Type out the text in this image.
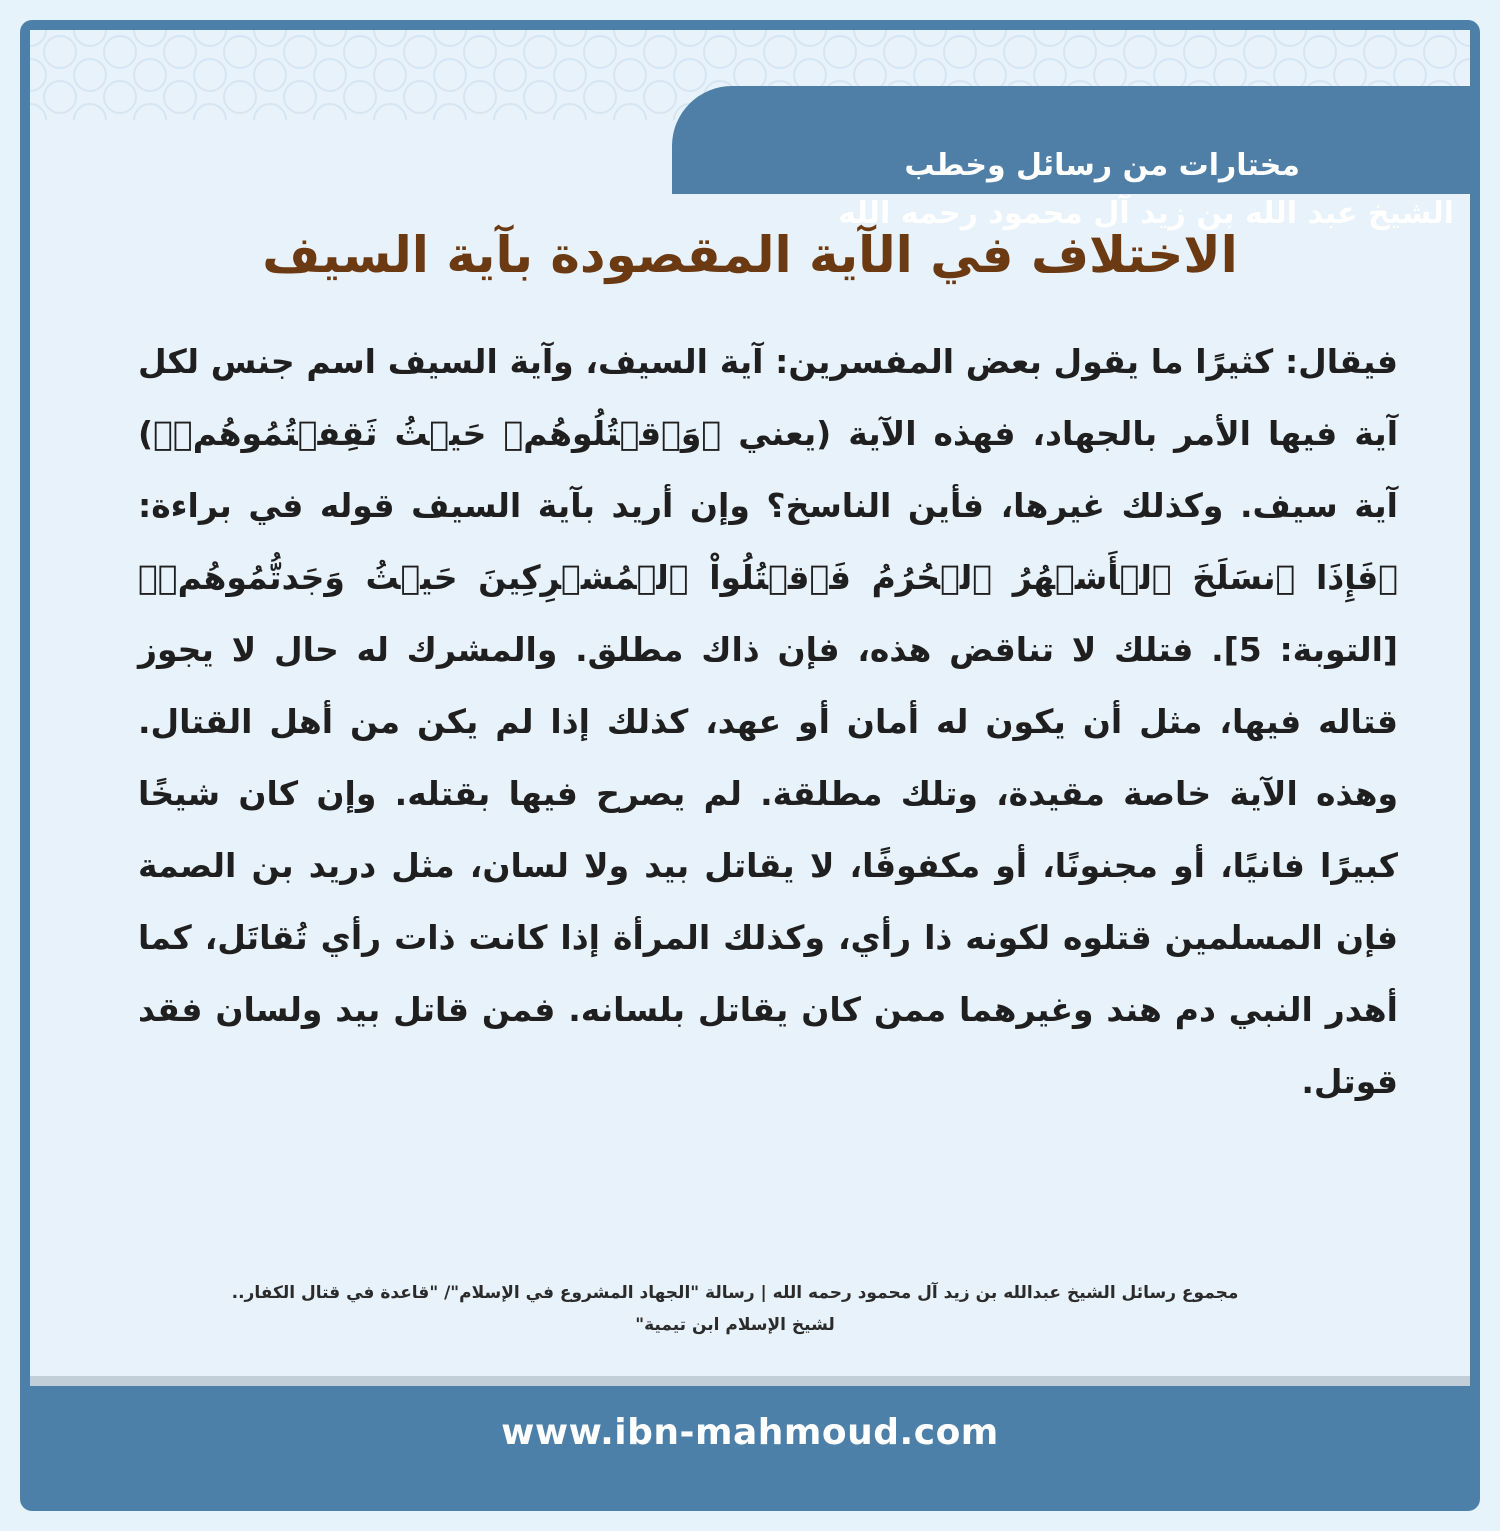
مختارات من رسائل وخطب
الشيخ عبد الله بن زيد آل محمود رحمه الله
الاختلاف في الآية المقصودة بآية السيف
فيقال: كثيرًا ما يقول بعض المفسرين: آية السيف، وآية السيف اسم جنس لكل آية فيها الأمر بالجهاد، فهذه الآية (يعني ﴿وَٱقۡتُلُوهُمۡ حَيۡثُ ثَقِفۡتُمُوهُمۡ﴾) آية سيف. وكذلك غيرها، فأين الناسخ؟ وإن أريد بآية السيف قوله في براءة: ﴿فَإِذَا ٱنسَلَخَ ٱلۡأَشۡهُرُ ٱلۡحُرُمُ فَٱقۡتُلُواْ ٱلۡمُشۡرِكِينَ حَيۡثُ وَجَدتُّمُوهُمۡ﴾ [التوبة: 5]. فتلك لا تناقض هذه، فإن ذاك مطلق. والمشرك له حال لا يجوز قتاله فيها، مثل أن يكون له أمان أو عهد، كذلك إذا لم يكن من أهل القتال. وهذه الآية خاصة مقيدة، وتلك مطلقة. لم يصرح فيها بقتله. وإن كان شيخًا كبيرًا فانيًا، أو مجنونًا، أو مكفوفًا، لا يقاتل بيد ولا لسان، مثل دريد بن الصمة فإن المسلمين قتلوه لكونه ذا رأي، وكذلك المرأة إذا كانت ذات رأي تُقاتَل، كما أهدر النبي دم هند وغيرهما ممن كان يقاتل بلسانه. فمن قاتل بيد ولسان فقد قوتل.
مجموع رسائل الشيخ عبدالله بن زيد آل محمود رحمه الله | رسالة "الجهاد المشروع في الإسلام"/ "قاعدة في قتال الكفار..
لشيخ الإسلام ابن تيمية"
www.ibn-mahmoud.com
